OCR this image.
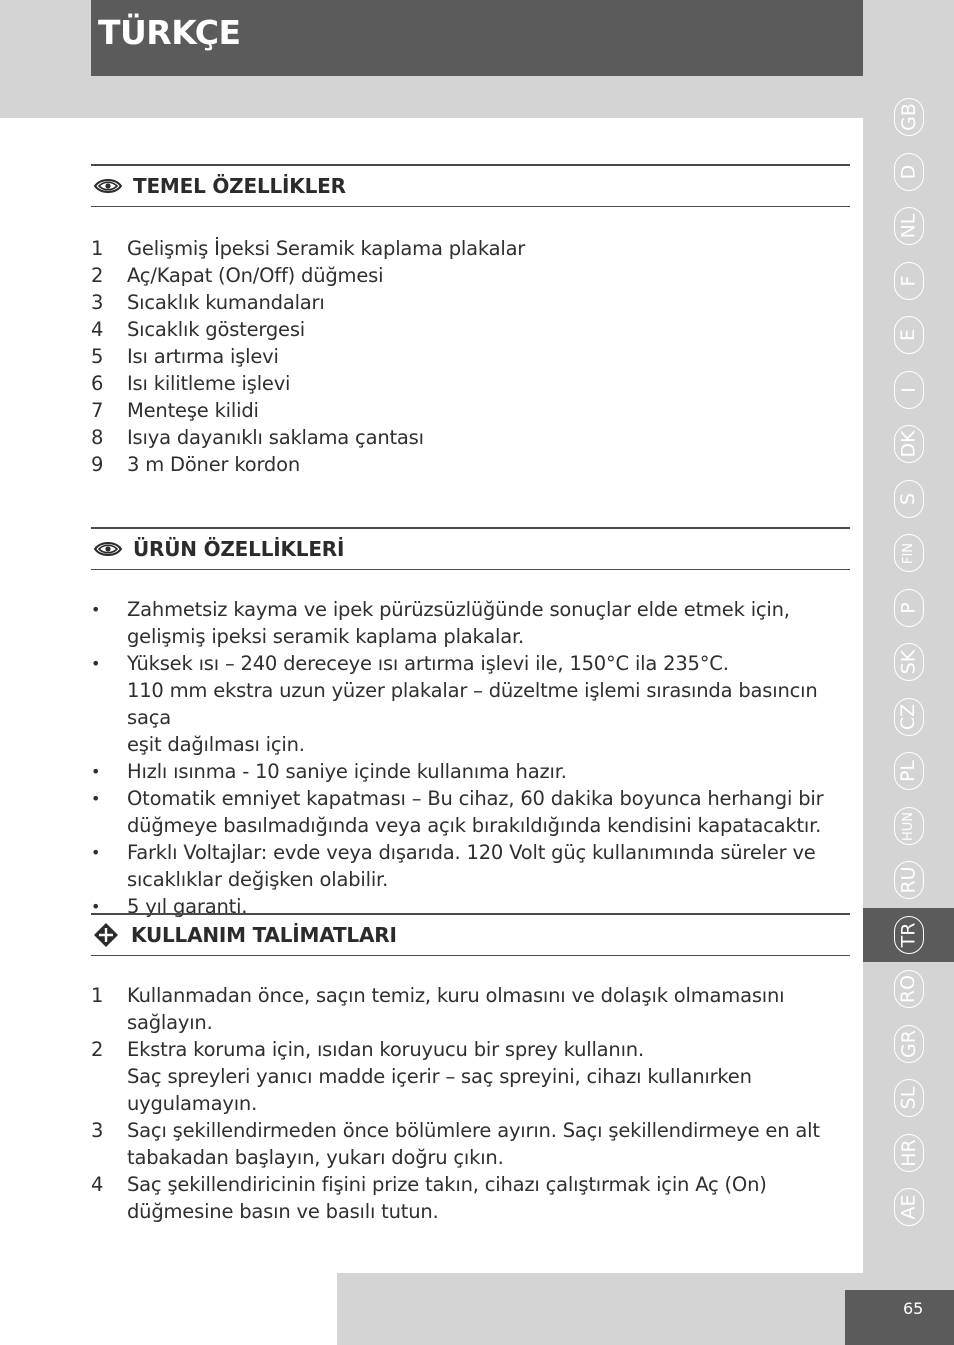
TÜRKÇE
TEMEL ÖZELLİKLER
1	Gelişmiş İpeksi Seramik kaplama plakalar
2	Aç/Kapat (On/Off) düğmesi
3	Sıcaklık kumandaları
4	Sıcaklık göstergesi
5	Isı artırma işlevi
6	Isı kilitleme işlevi
7	Menteşe kilidi
8	Isıya dayanıklı saklama çantası
9	3 m Döner kordon
ÜRÜN ÖZELLİKLERİ
•	Zahmetsiz kayma ve ipek pürüzsüzlüğünde sonuçlar elde etmek için,
gelişmiş ipeksi seramik kaplama plakalar.
•	Yüksek ısı – 240 dereceye ısı artırma işlevi ile, 150°C ila 235°C.
110 mm ekstra uzun yüzer plakalar – düzeltme işlemi sırasında basıncın saça
eşit dağılması için.
•	Hızlı ısınma - 10 saniye içinde kullanıma hazır.
•	Otomatik emniyet kapatması – Bu cihaz, 60 dakika boyunca herhangi bir
düğmeye basılmadığında veya açık bırakıldığında kendisini kapatacaktır.
•	Farklı Voltajlar: evde veya dışarıda. 120 Volt güç kullanımında süreler ve
sıcaklıklar değişken olabilir.
•	5 yıl garanti.
KULLANIM TALİMATLARI
1	Kullanmadan önce, saçın temiz, kuru olmasını ve dolaşık olmamasını
sağlayın.
2	Ekstra koruma için, ısıdan koruyucu bir sprey kullanın.
Saç spreyleri yanıcı madde içerir – saç spreyini, cihazı kullanırken
uygulamayın.
3	Saçı şekillendirmeden önce bölümlere ayırın. Saçı şekillendirmeye en alt
tabakadan başlayın, yukarı doğru çıkın.
4	Saç şekillendiricinin fişini prize takın, cihazı çalıştırmak için Aç (On)
düğmesine basın ve basılı tutun.
GB
D
NL
F
E
I
DK
S
FIN
P
SK
CZ
PL
HUN
RU
TR
RO
GR
SL
HR
AE
65
